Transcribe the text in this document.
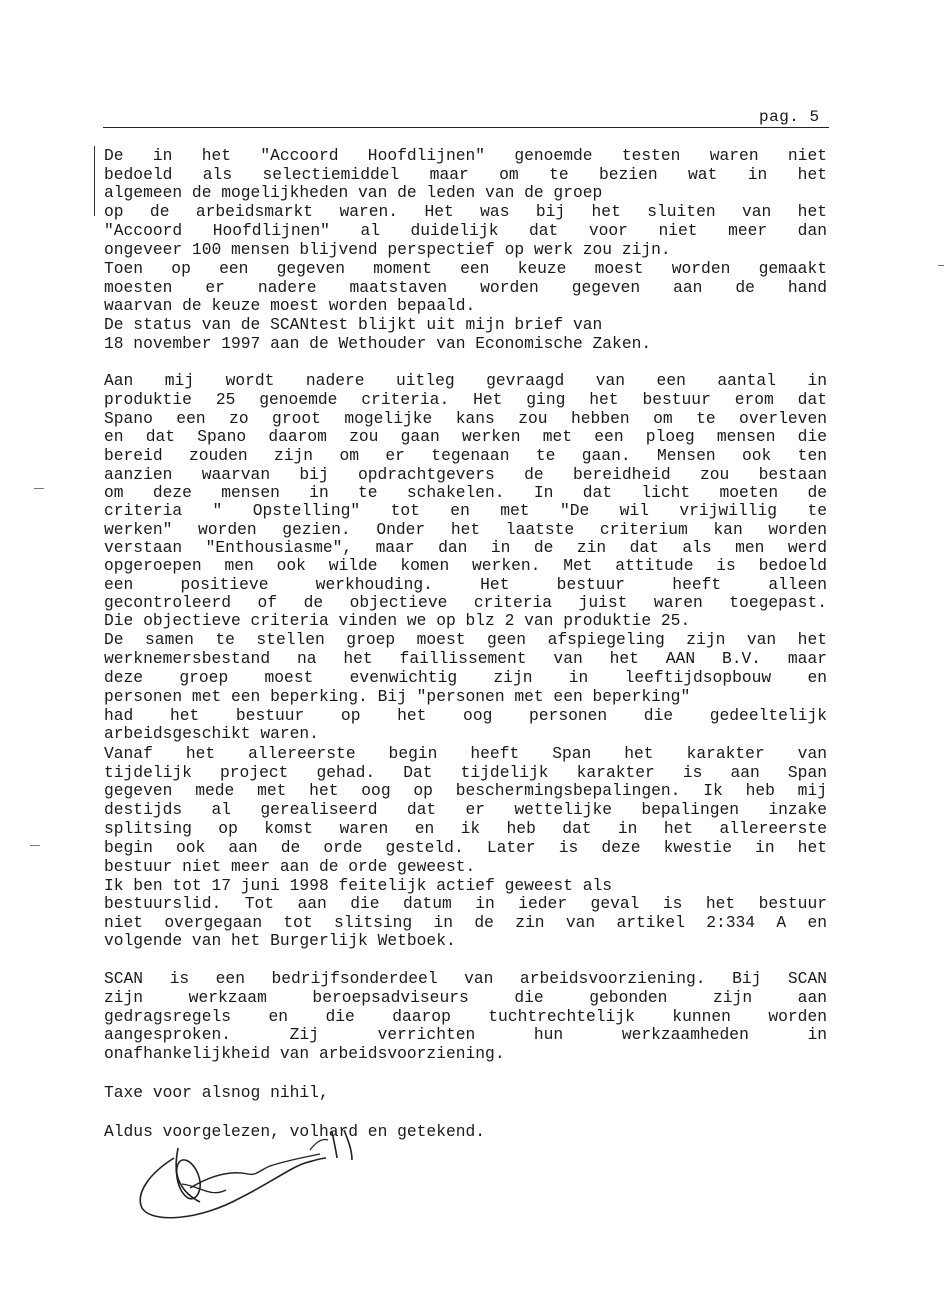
pag. 5
De in het "Accoord Hoofdlijnen" genoemde testen waren niet
bedoeld als selectiemiddel maar om te bezien wat in het
algemeen de mogelijkheden van de leden van de groep
op de arbeidsmarkt waren. Het was bij het sluiten van het
"Accoord Hoofdlijnen" al duidelijk dat voor niet meer dan
ongeveer 100 mensen blijvend perspectief op werk zou zijn.
Toen op een gegeven moment een keuze moest worden gemaakt
moesten er nadere maatstaven worden gegeven aan de hand
waarvan de keuze moest worden bepaald.
De status van de SCANtest blijkt uit mijn brief van
18 november 1997 aan de Wethouder van Economische Zaken.
Aan mij wordt nadere uitleg gevraagd van een aantal in
produktie 25 genoemde criteria. Het ging het bestuur erom dat
Spano een zo groot mogelijke kans zou hebben om te overleven
en dat Spano daarom zou gaan werken met een ploeg mensen die
bereid zouden zijn om er tegenaan te gaan. Mensen ook ten
aanzien waarvan bij opdrachtgevers de bereidheid zou bestaan
om deze mensen in te schakelen. In dat licht moeten de
criteria " Opstelling" tot en met "De wil vrijwillig te
werken" worden gezien. Onder het laatste criterium kan worden
verstaan "Enthousiasme", maar dan in de zin dat als men werd
opgeroepen men ook wilde komen werken. Met attitude is bedoeld
een positieve werkhouding. Het bestuur heeft alleen
gecontroleerd of de objectieve criteria juist waren toegepast.
Die objectieve criteria vinden we op blz 2 van produktie 25.
De samen te stellen groep moest geen afspiegeling zijn van het
werknemersbestand na het faillissement van het AAN B.V. maar
deze groep moest evenwichtig zijn in leeftijdsopbouw en
personen met een beperking. Bij "personen met een beperking"
had het bestuur op het oog personen die gedeeltelijk
arbeidsgeschikt waren.
Vanaf het allereerste begin heeft Span het karakter van
tijdelijk project gehad. Dat tijdelijk karakter is aan Span
gegeven mede met het oog op beschermingsbepalingen. Ik heb mij
destijds al gerealiseerd dat er wettelijke bepalingen inzake
splitsing op komst waren en ik heb dat in het allereerste
begin ook aan de orde gesteld. Later is deze kwestie in het
bestuur niet meer aan de orde geweest.
Ik ben tot 17 juni 1998 feitelijk actief geweest als
bestuurslid. Tot aan die datum in ieder geval is het bestuur
niet overgegaan tot slitsing in de zin van artikel 2:334 A en
volgende van het Burgerlijk Wetboek.
SCAN is een bedrijfsonderdeel van arbeidsvoorziening. Bij SCAN
zijn werkzaam beroepsadviseurs die gebonden zijn aan
gedragsregels en die daarop tuchtrechtelijk kunnen worden
aangesproken. Zij verrichten hun werkzaamheden in
onafhankelijkheid van arbeidsvoorziening.
Taxe voor alsnog nihil,
Aldus voorgelezen, volhard en getekend.
